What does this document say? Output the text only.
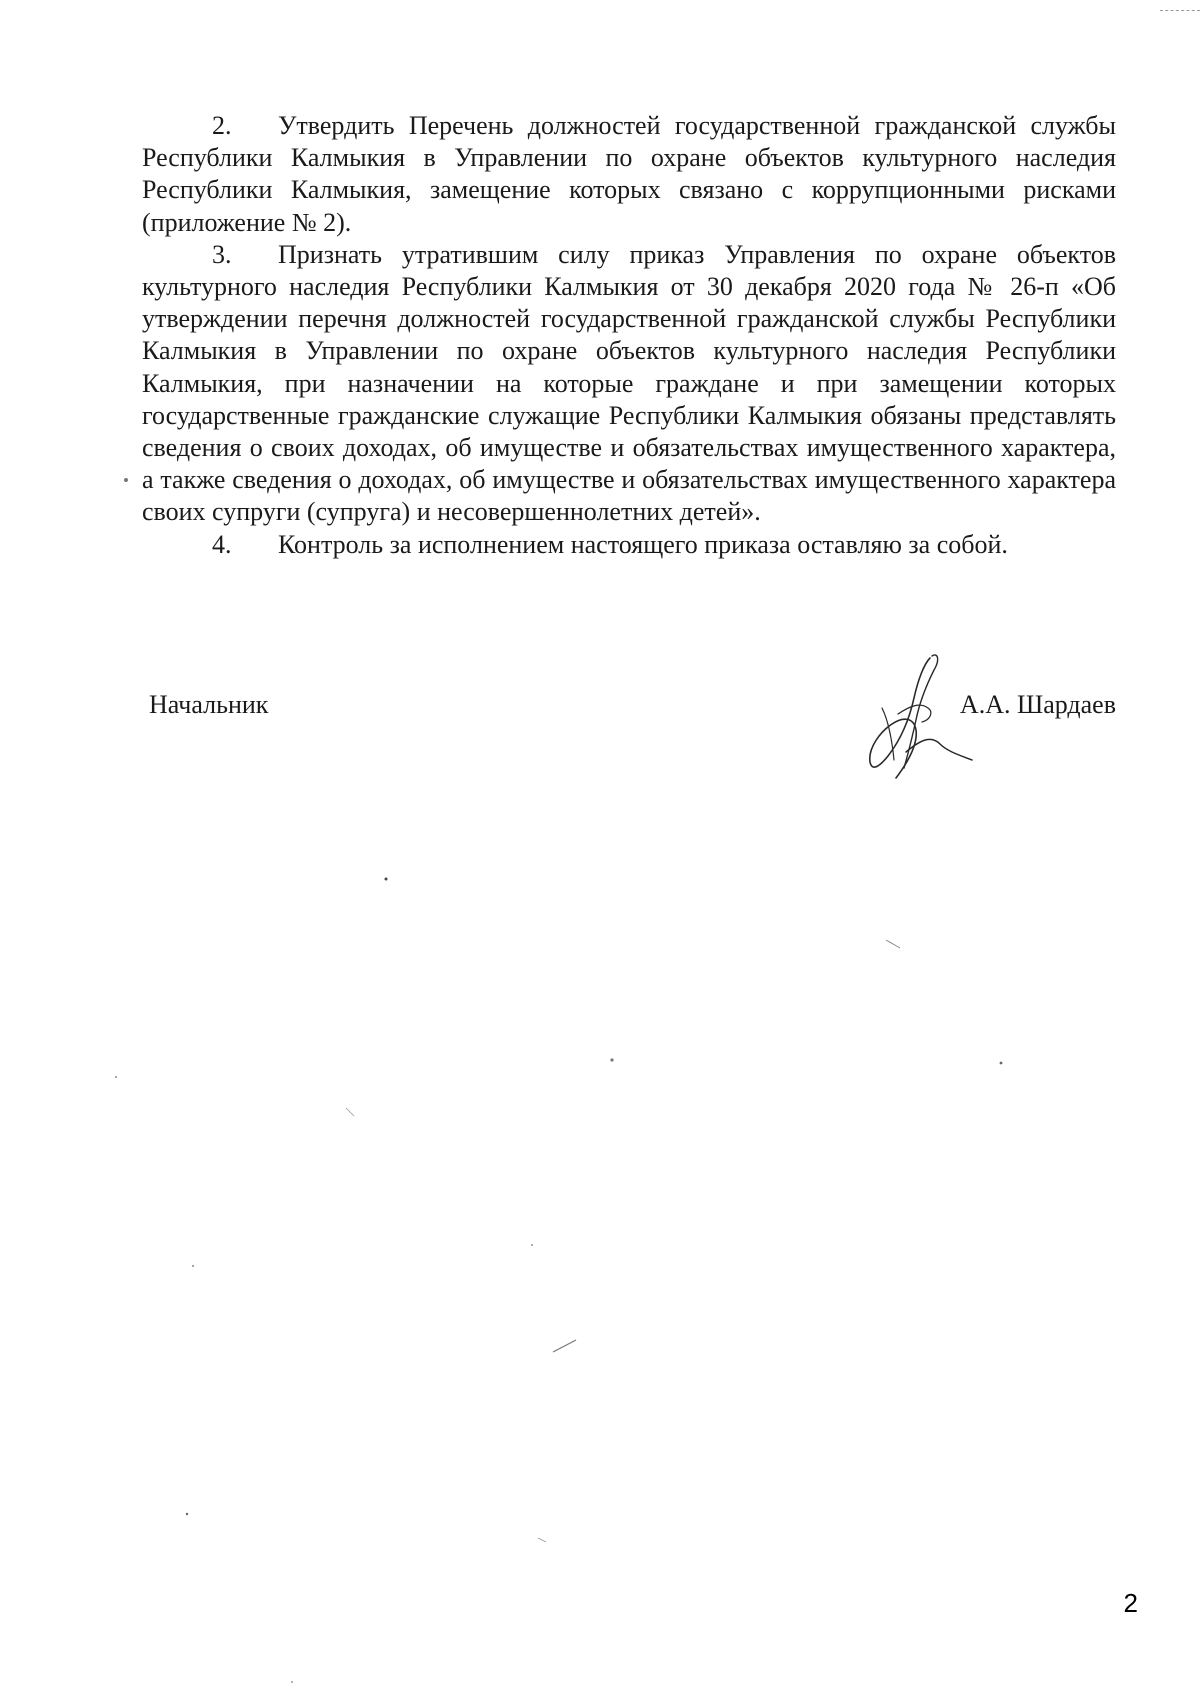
2. Утвердить Перечень должностей государственной гражданской службы Республики Калмыкия в Управлении по охране объектов культурного наследия Республики Калмыкия, замещение которых связано с коррупционными рисками (приложение № 2).

3. Признать утратившим силу приказ Управления по охране объектов культурного наследия Республики Калмыкия от 30 декабря 2020 года № 26-п «Об утверждении перечня должностей государственной гражданской службы Республики Калмыкия в Управлении по охране объектов культурного наследия Республики Калмыкия, при назначении на которые граждане и при замещении которых государственные гражданские служащие Республики Калмыкия обязаны представлять сведения о своих доходах, об имуществе и обязательствах имущественного характера, а также сведения о доходах, об имуществе и обязательствах имущественного характера своих супруги (супруга) и несовершеннолетних детей».

4. Контроль за исполнением настоящего приказа оставляю за собой.

Начальник	А.А. Шардаев
2
